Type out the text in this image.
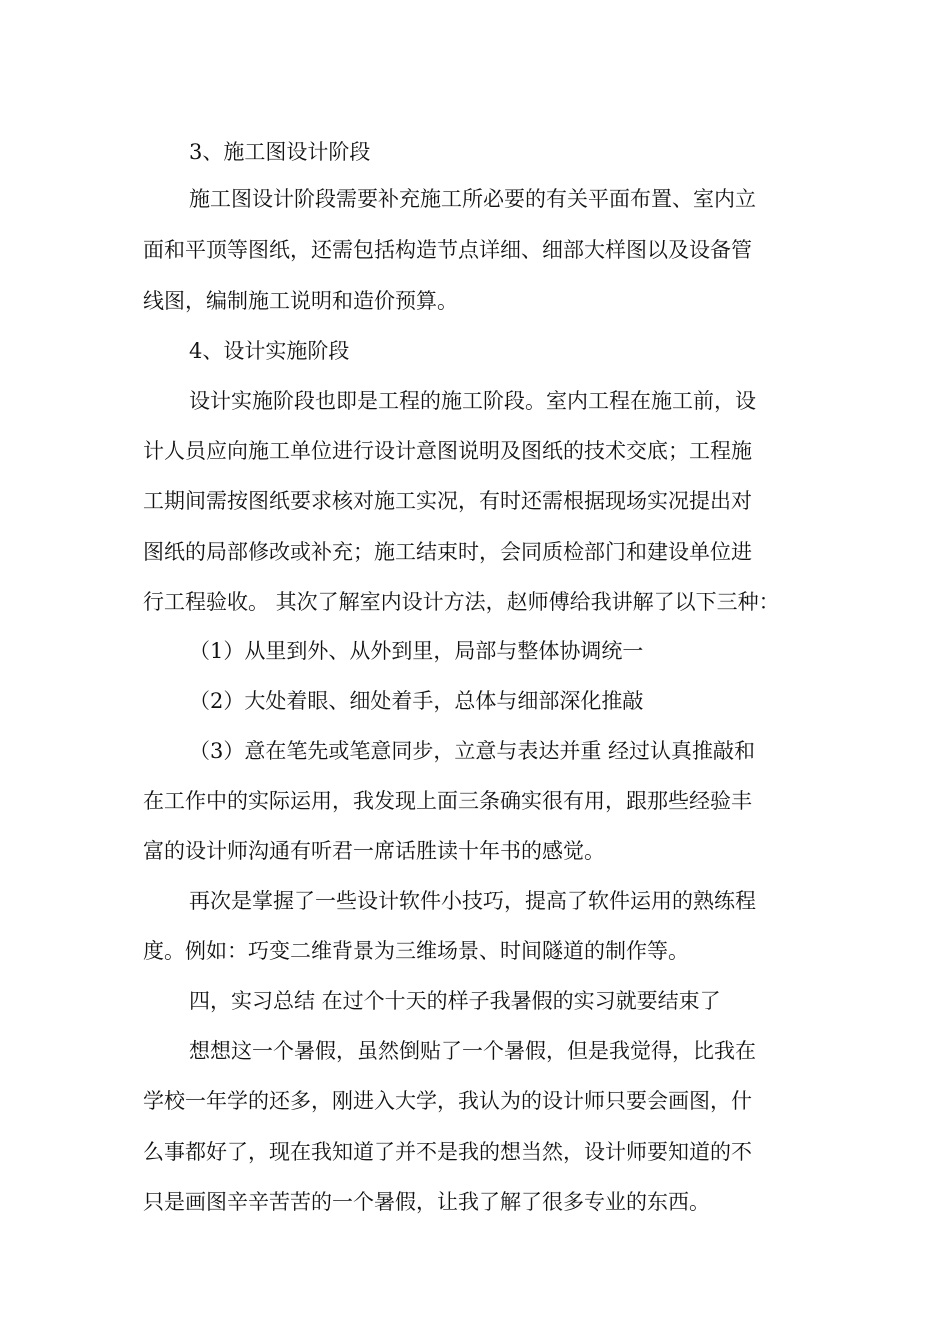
3、施工图设计阶段
施工图设计阶段需要补充施工所必要的有关平面布置、室内立
面和平顶等图纸，还需包括构造节点详细、细部大样图以及设备管
线图，编制施工说明和造价预算。
4、设计实施阶段
设计实施阶段也即是工程的施工阶段。室内工程在施工前，设
计人员应向施工单位进行设计意图说明及图纸的技术交底；工程施
工期间需按图纸要求核对施工实况，有时还需根据现场实况提出对
图纸的局部修改或补充；施工结束时，会同质检部门和建设单位进
行工程验收。 其次了解室内设计方法，赵师傅给我讲解了以下三种：
（1）从里到外、从外到里，局部与整体协调统一
（2）大处着眼、细处着手，总体与细部深化推敲
（3）意在笔先或笔意同步，立意与表达并重 经过认真推敲和
在工作中的实际运用，我发现上面三条确实很有用，跟那些经验丰
富的设计师沟通有听君一席话胜读十年书的感觉。
再次是掌握了一些设计软件小技巧，提高了软件运用的熟练程
度。例如：巧变二维背景为三维场景、时间隧道的制作等。
四，实习总结 在过个十天的样子我暑假的实习就要结束了
想想这一个暑假，虽然倒贴了一个暑假，但是我觉得，比我在
学校一年学的还多，刚进入大学，我认为的设计师只要会画图，什
么事都好了，现在我知道了并不是我的想当然，设计师要知道的不
只是画图辛辛苦苦的一个暑假，让我了解了很多专业的东西。
